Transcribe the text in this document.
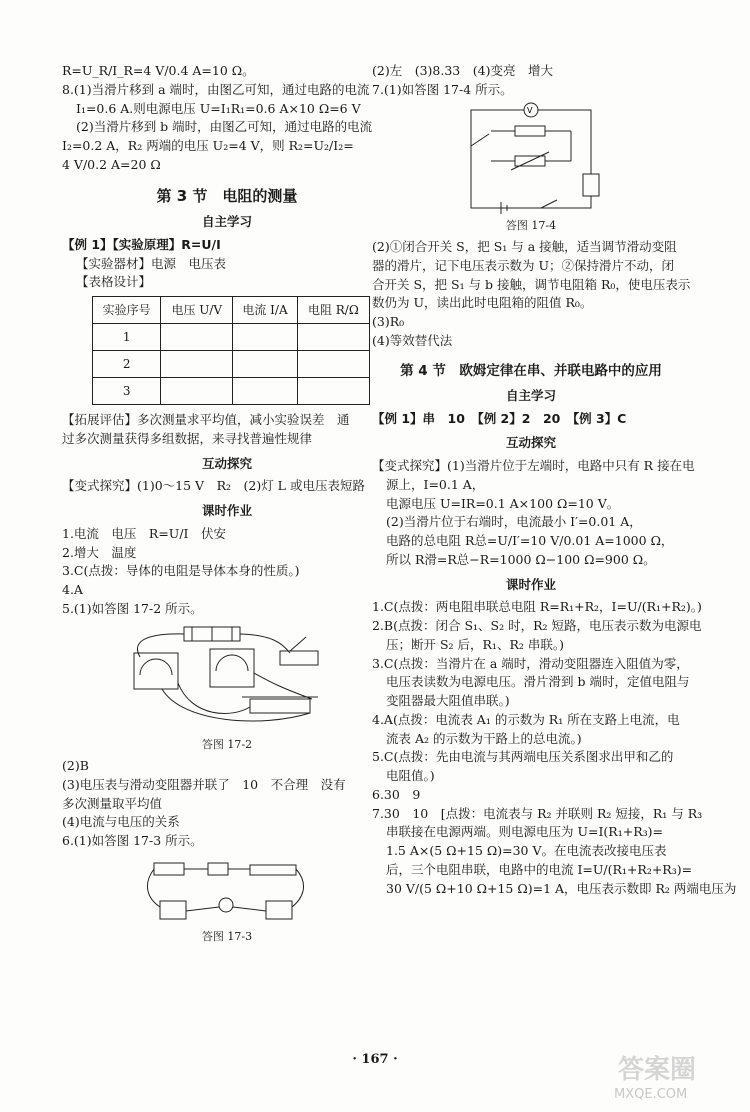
R=U_R/I_R=4 V/0.4 A=10 Ω。
8.(1)当滑片移到 a 端时，由图乙可知，通过电路的电流
I₁=0.6 A.则电源电压 U=I₁R₁=0.6 A×10 Ω=6 V
(2)当滑片移到 b 端时，由图乙可知，通过电路的电流
I₂=0.2 A，R₂ 两端的电压 U₂=4 V，则 R₂=U₂/I₂=
4 V/0.2 A=20 Ω
第 3 节　电阻的测量
自主学习
【例 1】【实验原理】R=U/I
【实验器材】电源　电压表
【表格设计】
实验序号	电压 U/V	电流 I/A	电阻 R/Ω
1			
2			
3			
【拓展评估】多次测量求平均值，减小实验误差　通
过多次测量获得多组数据，来寻找普遍性规律
互动探究
【变式探究】(1)0～15 V　R₂　(2)灯 L 或电压表短路
课时作业
1.电流　电压　R=U/I　伏安
2.增大　温度
3.C(点拨：导体的电阻是导体本身的性质。)
4.A
5.(1)如答图 17-2 所示。
答图 17-2
(2)B
(3)电压表与滑动变阻器并联了　10　不合理　没有
多次测量取平均值
(4)电流与电压的关系
6.(1)如答图 17-3 所示。
答图 17-3
(2)左　(3)8.33　(4)变亮　增大
7.(1)如答图 17-4 所示。
V
答图 17-4
(2)①闭合开关 S，把 S₁ 与 a 接触，适当调节滑动变阻
器的滑片，记下电压表示数为 U；②保持滑片不动，闭
合开关 S，把 S₁ 与 b 接触，调节电阻箱 R₀，使电压表示
数仍为 U，读出此时电阻箱的阻值 R₀。
(3)R₀
(4)等效替代法
第 4 节　欧姆定律在串、并联电路中的应用
自主学习
【例 1】串　10　【例 2】2　20　【例 3】C
互动探究
【变式探究】(1)当滑片位于左端时，电路中只有 R 接在电
源上，I=0.1 A，
电源电压 U=IR=0.1 A×100 Ω=10 V。
(2)当滑片位于右端时，电流最小 I′=0.01 A，
电路的总电阻 R总=U/I′=10 V/0.01 A=1000 Ω，
所以 R滑=R总−R=1000 Ω−100 Ω=900 Ω。
课时作业
1.C(点拨：两电阻串联总电阻 R=R₁+R₂，I=U/(R₁+R₂)。)
2.B(点拨：闭合 S₁、S₂ 时，R₂ 短路，电压表示数为电源电
压；断开 S₂ 后，R₁、R₂ 串联。)
3.C(点拨：当滑片在 a 端时，滑动变阻器连入阻值为零，
电压表读数为电源电压。滑片滑到 b 端时，定值电阻与
变阻器最大阻值串联。)
4.A(点拨：电流表 A₁ 的示数为 R₁ 所在支路上电流，电
流表 A₂ 的示数为干路上的总电流。)
5.C(点拨：先由电流与其两端电压关系图求出甲和乙的
电阻值。)
6.30　9
7.30　10　[点拨：电流表与 R₂ 并联则 R₂ 短接，R₁ 与 R₃
串联接在电源两端。则电源电压为 U=I(R₁+R₃)=
1.5 A×(5 Ω+15 Ω)=30 V。在电流表改接电压表
后，三个电阻串联，电路中的电流 I=U/(R₁+R₂+R₃)=
30 V/(5 Ω+10 Ω+15 Ω)=1 A，电压表示数即 R₂ 两端电压为
· 167 ·	答案圈
MXQE.COM
